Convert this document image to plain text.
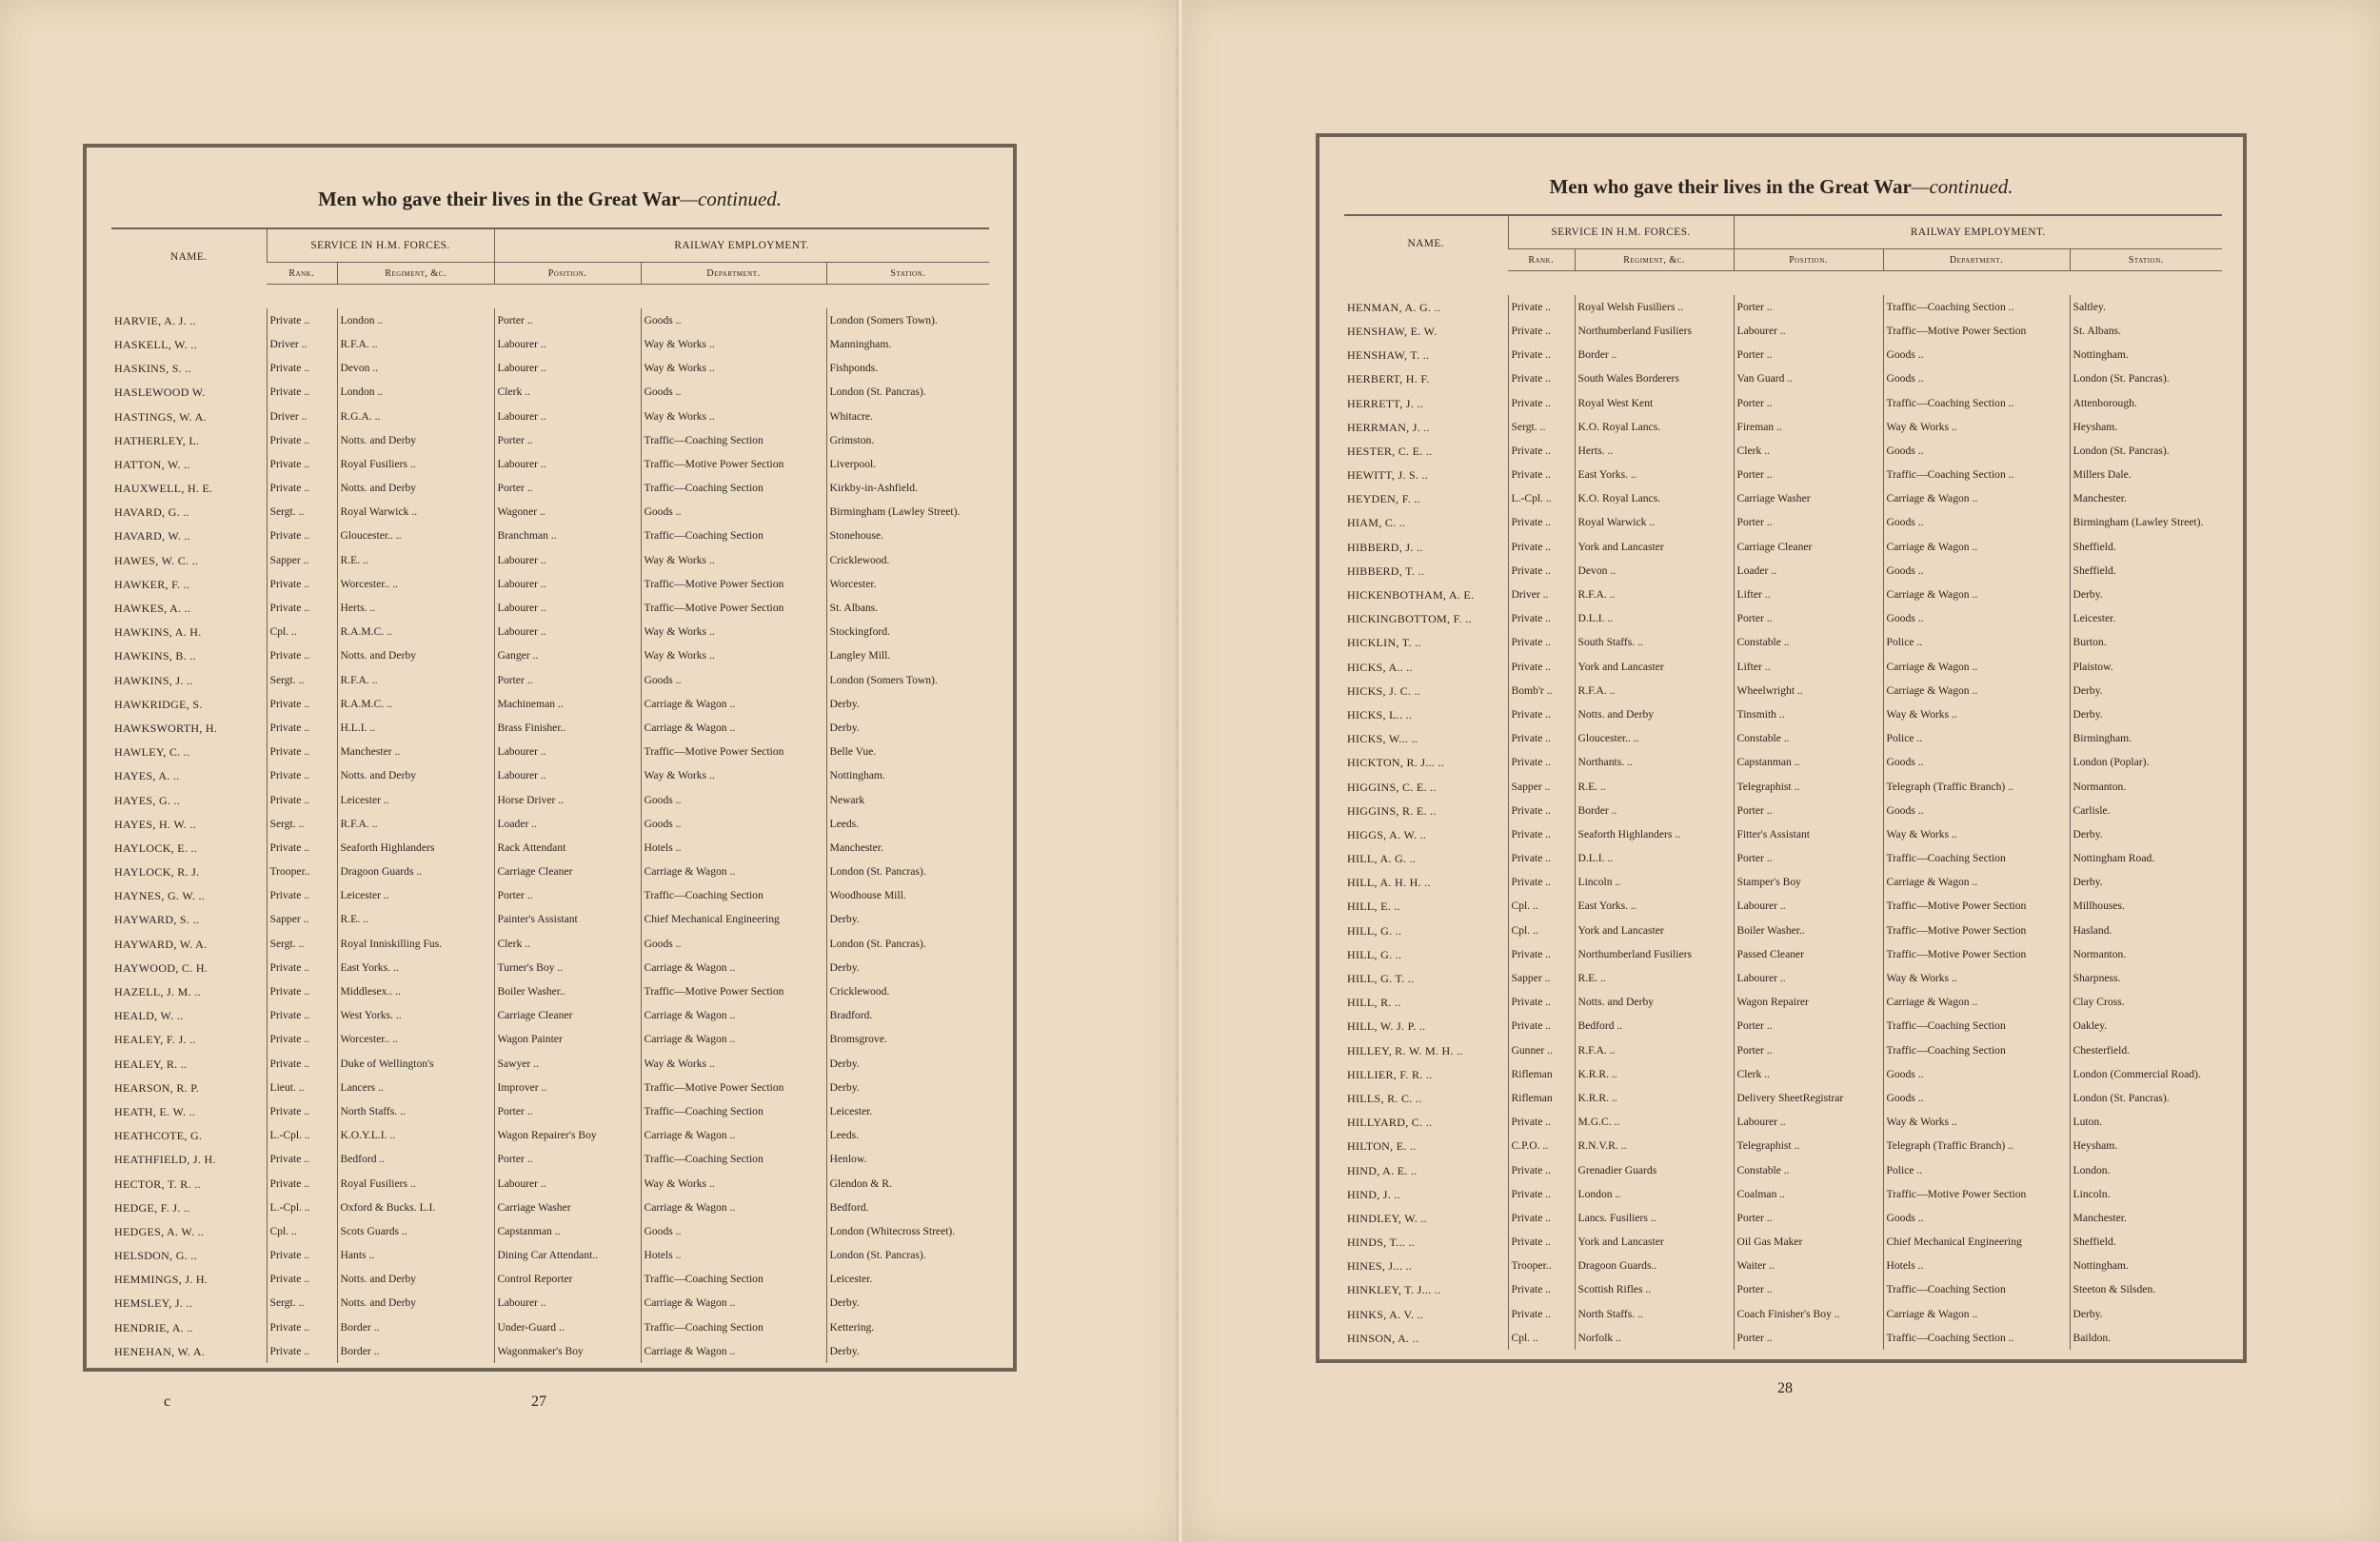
Men who gave their lives in the Great War—continued.
NAME.	SERVICE IN H.M. FORCES.		RAILWAY EMPLOYMENT.		
	Rank.	Regiment, &c.	Position.	Department.	Station.

HARVIE, A. J. ..	Private ..	London ..	Porter ..	Goods ..	London (Somers Town).
HASKELL, W. ..	Driver ..	R.F.A. ..	Labourer ..	Way & Works ..	Manningham.
HASKINS, S. ..	Private ..	Devon ..	Labourer ..	Way & Works ..	Fishponds.
HASLEWOOD W.	Private ..	London ..	Clerk ..	Goods ..	London (St. Pancras).
HASTINGS, W. A.	Driver ..	R.G.A. ..	Labourer ..	Way & Works ..	Whitacre.
HATHERLEY, L.	Private ..	Notts. and Derby	Porter ..	Traffic—Coaching Section	Grimston.
HATTON, W. ..	Private ..	Royal Fusiliers ..	Labourer ..	Traffic—Motive Power Section	Liverpool.
HAUXWELL, H. E.	Private ..	Notts. and Derby	Porter ..	Traffic—Coaching Section	Kirkby-in-Ashfield.
HAVARD, G. ..	Sergt. ..	Royal Warwick ..	Wagoner ..	Goods ..	Birmingham (Lawley Street).
HAVARD, W. ..	Private ..	Gloucester.. ..	Branchman ..	Traffic—Coaching Section	Stonehouse.
HAWES, W. C. ..	Sapper ..	R.E. ..	Labourer ..	Way & Works ..	Cricklewood.
HAWKER, F. ..	Private ..	Worcester.. ..	Labourer ..	Traffic—Motive Power Section	Worcester.
HAWKES, A. ..	Private ..	Herts. ..	Labourer ..	Traffic—Motive Power Section	St. Albans.
HAWKINS, A. H.	Cpl. ..	R.A.M.C. ..	Labourer ..	Way & Works ..	Stockingford.
HAWKINS, B. ..	Private ..	Notts. and Derby	Ganger ..	Way & Works ..	Langley Mill.
HAWKINS, J. ..	Sergt. ..	R.F.A. ..	Porter ..	Goods ..	London (Somers Town).
HAWKRIDGE, S.	Private ..	R.A.M.C. ..	Machineman ..	Carriage & Wagon ..	Derby.
HAWKSWORTH, H.	Private ..	H.L.I. ..	Brass Finisher..	Carriage & Wagon ..	Derby.
HAWLEY, C. ..	Private ..	Manchester ..	Labourer ..	Traffic—Motive Power Section	Belle Vue.
HAYES, A. ..	Private ..	Notts. and Derby	Labourer ..	Way & Works ..	Nottingham.
HAYES, G. ..	Private ..	Leicester ..	Horse Driver ..	Goods ..	Newark
HAYES, H. W. ..	Sergt. ..	R.F.A. ..	Loader ..	Goods ..	Leeds.
HAYLOCK, E. ..	Private ..	Seaforth Highlanders	Rack Attendant	Hotels ..	Manchester.
HAYLOCK, R. J.	Trooper..	Dragoon Guards ..	Carriage Cleaner	Carriage & Wagon ..	London (St. Pancras).
HAYNES, G. W. ..	Private ..	Leicester ..	Porter ..	Traffic—Coaching Section	Woodhouse Mill.
HAYWARD, S. ..	Sapper ..	R.E. ..	Painter's Assistant	Chief Mechanical Engineering	Derby.
HAYWARD, W. A.	Sergt. ..	Royal Inniskilling Fus.	Clerk ..	Goods ..	London (St. Pancras).
HAYWOOD, C. H.	Private ..	East Yorks. ..	Turner's Boy ..	Carriage & Wagon ..	Derby.
HAZELL, J. M. ..	Private ..	Middlesex.. ..	Boiler Washer..	Traffic—Motive Power Section	Cricklewood.
HEALD, W. ..	Private ..	West Yorks. ..	Carriage Cleaner	Carriage & Wagon ..	Bradford.
HEALEY, F. J. ..	Private ..	Worcester.. ..	Wagon Painter	Carriage & Wagon ..	Bromsgrove.
HEALEY, R. ..	Private ..	Duke of Wellington's	Sawyer ..	Way & Works ..	Derby.
HEARSON, R. P.	Lieut. ..	Lancers ..	Improver ..	Traffic—Motive Power Section	Derby.
HEATH, E. W. ..	Private ..	North Staffs. ..	Porter ..	Traffic—Coaching Section	Leicester.
HEATHCOTE, G.	L.-Cpl. ..	K.O.Y.L.I. ..	Wagon Repairer's Boy	Carriage & Wagon ..	Leeds.
HEATHFIELD, J. H.	Private ..	Bedford ..	Porter ..	Traffic—Coaching Section	Henlow.
HECTOR, T. R. ..	Private ..	Royal Fusiliers ..	Labourer ..	Way & Works ..	Glendon & R.
HEDGE, F. J. ..	L.-Cpl. ..	Oxford & Bucks. L.I.	Carriage Washer	Carriage & Wagon ..	Bedford.
HEDGES, A. W. ..	Cpl. ..	Scots Guards ..	Capstanman ..	Goods ..	London (Whitecross Street).
HELSDON, G. ..	Private ..	Hants ..	Dining Car Attendant..	Hotels ..	London (St. Pancras).
HEMMINGS, J. H.	Private ..	Notts. and Derby	Control Reporter	Traffic—Coaching Section	Leicester.
HEMSLEY, J. ..	Sergt. ..	Notts. and Derby	Labourer ..	Carriage & Wagon ..	Derby.
HENDRIE, A. ..	Private ..	Border ..	Under-Guard ..	Traffic—Coaching Section	Kettering.
HENEHAN, W. A.	Private ..	Border ..	Wagonmaker's Boy	Carriage & Wagon ..	Derby.
c	27
Men who gave their lives in the Great War—continued.
NAME.	SERVICE IN H.M. FORCES.		RAILWAY EMPLOYMENT.		
	Rank.	Regiment, &c.	Position.	Department.	Station.

HENMAN, A. G. ..	Private ..	Royal Welsh Fusiliers ..	Porter ..	Traffic—Coaching Section ..	Saltley.
HENSHAW, E. W.	Private ..	Northumberland Fusiliers	Labourer ..	Traffic—Motive Power Section	St. Albans.
HENSHAW, T. ..	Private ..	Border ..	Porter ..	Goods ..	Nottingham.
HERBERT, H. F.	Private ..	South Wales Borderers	Van Guard ..	Goods ..	London (St. Pancras).
HERRETT, J. ..	Private ..	Royal West Kent	Porter ..	Traffic—Coaching Section ..	Attenborough.
HERRMAN, J. ..	Sergt. ..	K.O. Royal Lancs.	Fireman ..	Way & Works ..	Heysham.
HESTER, C. E. ..	Private ..	Herts. ..	Clerk ..	Goods ..	London (St. Pancras).
HEWITT, J. S. ..	Private ..	East Yorks. ..	Porter ..	Traffic—Coaching Section ..	Millers Dale.
HEYDEN, F. ..	L.-Cpl. ..	K.O. Royal Lancs.	Carriage Washer	Carriage & Wagon ..	Manchester.
HIAM, C. ..	Private ..	Royal Warwick ..	Porter ..	Goods ..	Birmingham (Lawley Street).
HIBBERD, J. ..	Private ..	York and Lancaster	Carriage Cleaner	Carriage & Wagon ..	Sheffield.
HIBBERD, T. ..	Private ..	Devon ..	Loader ..	Goods ..	Sheffield.
HICKENBOTHAM, A. E.	Driver ..	R.F.A. ..	Lifter ..	Carriage & Wagon ..	Derby.
HICKINGBOTTOM, F. ..	Private ..	D.L.I. ..	Porter ..	Goods ..	Leicester.
HICKLIN, T. ..	Private ..	South Staffs. ..	Constable ..	Police ..	Burton.
HICKS, A.. ..	Private ..	York and Lancaster	Lifter ..	Carriage & Wagon ..	Plaistow.
HICKS, J. C. ..	Bomb'r ..	R.F.A. ..	Wheelwright ..	Carriage & Wagon ..	Derby.
HICKS, L.. ..	Private ..	Notts. and Derby	Tinsmith ..	Way & Works ..	Derby.
HICKS, W... ..	Private ..	Gloucester.. ..	Constable ..	Police ..	Birmingham.
HICKTON, R. J... ..	Private ..	Northants. ..	Capstanman ..	Goods ..	London (Poplar).
HIGGINS, C. E. ..	Sapper ..	R.E. ..	Telegraphist ..	Telegraph (Traffic Branch) ..	Normanton.
HIGGINS, R. E. ..	Private ..	Border ..	Porter ..	Goods ..	Carlisle.
HIGGS, A. W. ..	Private ..	Seaforth Highlanders ..	Fitter's Assistant	Way & Works ..	Derby.
HILL, A. G. ..	Private ..	D.L.I. ..	Porter ..	Traffic—Coaching Section	Nottingham Road.
HILL, A. H. H. ..	Private ..	Lincoln ..	Stamper's Boy	Carriage & Wagon ..	Derby.
HILL, E. ..	Cpl. ..	East Yorks. ..	Labourer ..	Traffic—Motive Power Section	Millhouses.
HILL, G. ..	Cpl. ..	York and Lancaster	Boiler Washer..	Traffic—Motive Power Section	Hasland.
HILL, G. ..	Private ..	Northumberland Fusiliers	Passed Cleaner	Traffic—Motive Power Section	Normanton.
HILL, G. T. ..	Sapper ..	R.E. ..	Labourer ..	Way & Works ..	Sharpness.
HILL, R. ..	Private ..	Notts. and Derby	Wagon Repairer	Carriage & Wagon ..	Clay Cross.
HILL, W. J. P. ..	Private ..	Bedford ..	Porter ..	Traffic—Coaching Section	Oakley.
HILLEY, R. W. M. H. ..	Gunner ..	R.F.A. ..	Porter ..	Traffic—Coaching Section	Chesterfield.
HILLIER, F. R. ..	Rifleman	K.R.R. ..	Clerk ..	Goods ..	London (Commercial Road).
HILLS, R. C. ..	Rifleman	K.R.R. ..	Delivery SheetRegistrar	Goods ..	London (St. Pancras).
HILLYARD, C. ..	Private ..	M.G.C. ..	Labourer ..	Way & Works ..	Luton.
HILTON, E. ..	C.P.O. ..	R.N.V.R. ..	Telegraphist ..	Telegraph (Traffic Branch) ..	Heysham.
HIND, A. E. ..	Private ..	Grenadier Guards	Constable ..	Police ..	London.
HIND, J. ..	Private ..	London ..	Coalman ..	Traffic—Motive Power Section	Lincoln.
HINDLEY, W. ..	Private ..	Lancs. Fusiliers ..	Porter ..	Goods ..	Manchester.
HINDS, T... ..	Private ..	York and Lancaster	Oil Gas Maker	Chief Mechanical Engineering	Sheffield.
HINES, J... ..	Trooper..	Dragoon Guards..	Waiter ..	Hotels ..	Nottingham.
HINKLEY, T. J... ..	Private ..	Scottish Rifles ..	Porter ..	Traffic—Coaching Section	Steeton & Silsden.
HINKS, A. V. ..	Private ..	North Staffs. ..	Coach Finisher's Boy ..	Carriage & Wagon ..	Derby.
HINSON, A. ..	Cpl. ..	Norfolk ..	Porter ..	Traffic—Coaching Section ..	Baildon.
28
